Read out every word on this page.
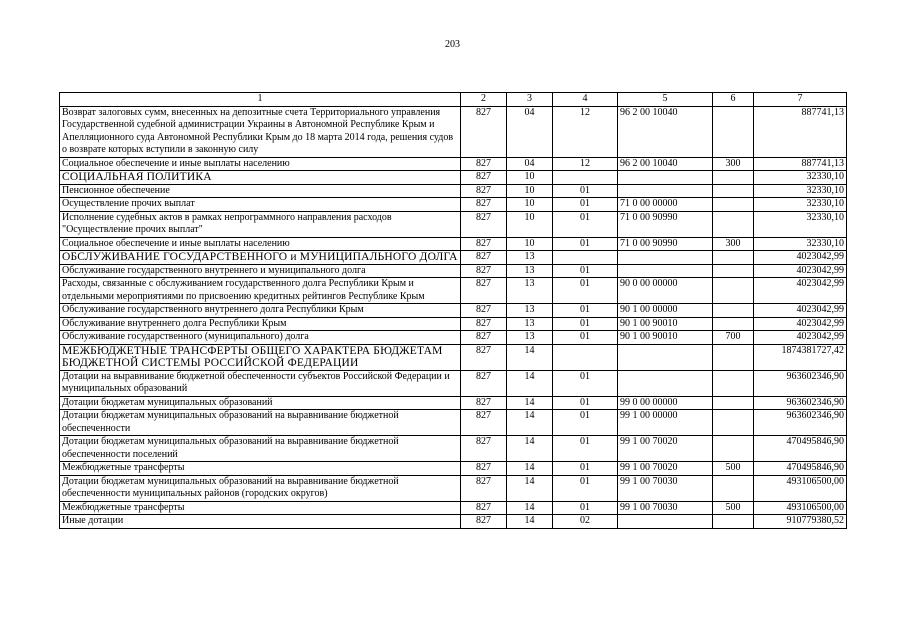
203
1	2	3	4	5	6	7
Возврат залоговых сумм, внесенных на депозитные счета Территориального управления Государственной судебной администрации Украины в Автономной Республике Крым и Апелляционного суда Автономной Республики Крым до 18 марта 2014 года, решения судов о возврате которых вступили в законную силу	827	04	12	96 2 00 10040		887741,13
Социальное обеспечение и иные выплаты населению	827	04	12	96 2 00 10040	300	887741,13
СОЦИАЛЬНАЯ ПОЛИТИКА	827	10				32330,10
Пенсионное обеспечение	827	10	01			32330,10
Осуществление прочих выплат	827	10	01	71 0 00 00000		32330,10
Исполнение судебных актов в рамках непрограммного направления расходов "Осуществление прочих выплат"	827	10	01	71 0 00 90990		32330,10
Социальное обеспечение и иные выплаты населению	827	10	01	71 0 00 90990	300	32330,10
ОБСЛУЖИВАНИЕ ГОСУДАРСТВЕННОГО и МУНИЦИПАЛЬНОГО ДОЛГА	827	13				4023042,99
Обслуживание государственного внутреннего и муниципального долга	827	13	01			4023042,99
Расходы, связанные с обслуживанием государственного долга Республики Крым и отдельными мероприятиями по присвоению кредитных рейтингов Республике Крым	827	13	01	90 0 00 00000		4023042,99
Обслуживание государственного внутреннего долга Республики Крым	827	13	01	90 1 00 00000		4023042,99
Обслуживание внутреннего долга Республики Крым	827	13	01	90 1 00 90010		4023042,99
Обслуживание государственного (муниципального) долга	827	13	01	90 1 00 90010	700	4023042,99
МЕЖБЮДЖЕТНЫЕ ТРАНСФЕРТЫ ОБЩЕГО ХАРАКТЕРА БЮДЖЕТАМ БЮДЖЕТНОЙ СИСТЕМЫ РОССИЙСКОЙ ФЕДЕРАЦИИ	827	14				1874381727,42
Дотации на выравнивание бюджетной обеспеченности субъектов Российской Федерации и муниципальных образований	827	14	01			963602346,90
Дотации бюджетам муниципальных образований	827	14	01	99 0 00 00000		963602346,90
Дотации бюджетам муниципальных образований на выравнивание бюджетной обеспеченности	827	14	01	99 1 00 00000		963602346,90
Дотации бюджетам муниципальных образований на выравнивание бюджетной обеспеченности поселений	827	14	01	99 1 00 70020		470495846,90
Межбюджетные трансферты	827	14	01	99 1 00 70020	500	470495846,90
Дотации бюджетам муниципальных образований на выравнивание бюджетной обеспеченности муниципальных районов (городских округов)	827	14	01	99 1 00 70030		493106500,00
Межбюджетные трансферты	827	14	01	99 1 00 70030	500	493106500,00
Иные дотации	827	14	02			910779380,52
